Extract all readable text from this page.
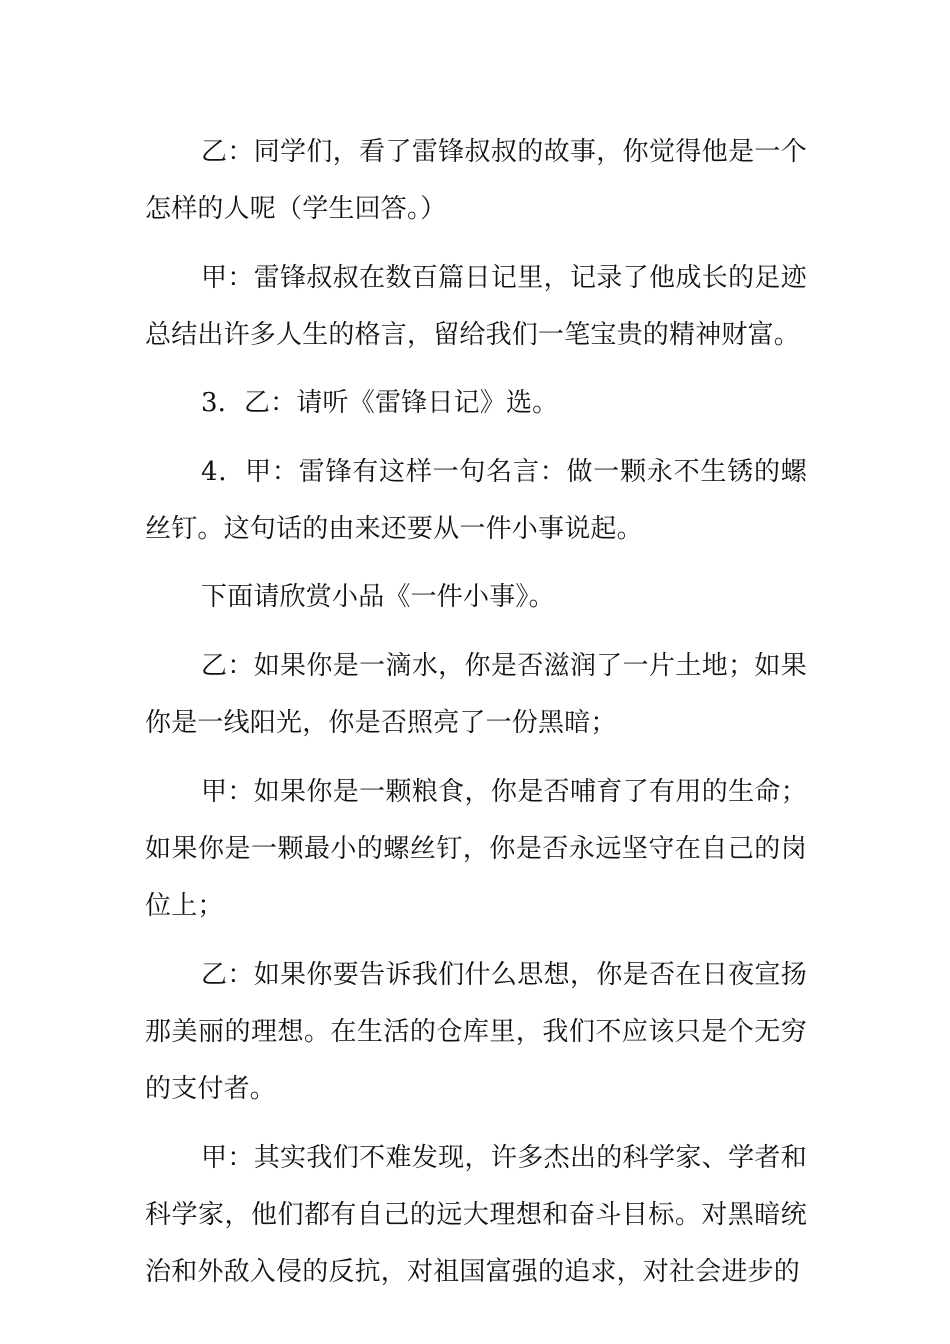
乙：同学们，看了雷锋叔叔的故事，你觉得他是一个怎样的人呢（学生回答。）

甲：雷锋叔叔在数百篇日记里，记录了他成长的足迹总结出许多人生的格言，留给我们一笔宝贵的精神财富。

3．乙：请听《雷锋日记》选。

4．甲：雷锋有这样一句名言：做一颗永不生锈的螺丝钉。这句话的由来还要从一件小事说起。

下面请欣赏小品《一件小事》。

乙：如果你是一滴水，你是否滋润了一片土地；如果你是一线阳光，你是否照亮了一份黑暗；

甲：如果你是一颗粮食，你是否哺育了有用的生命；如果你是一颗最小的螺丝钉，你是否永远坚守在自己的岗位上；

乙：如果你要告诉我们什么思想，你是否在日夜宣扬那美丽的理想。在生活的仓库里，我们不应该只是个无穷的支付者。

甲：其实我们不难发现，许多杰出的科学家、学者和科学家，他们都有自己的远大理想和奋斗目标。对黑暗统治和外敌入侵的反抗，对祖国富强的追求，对社会进步的
